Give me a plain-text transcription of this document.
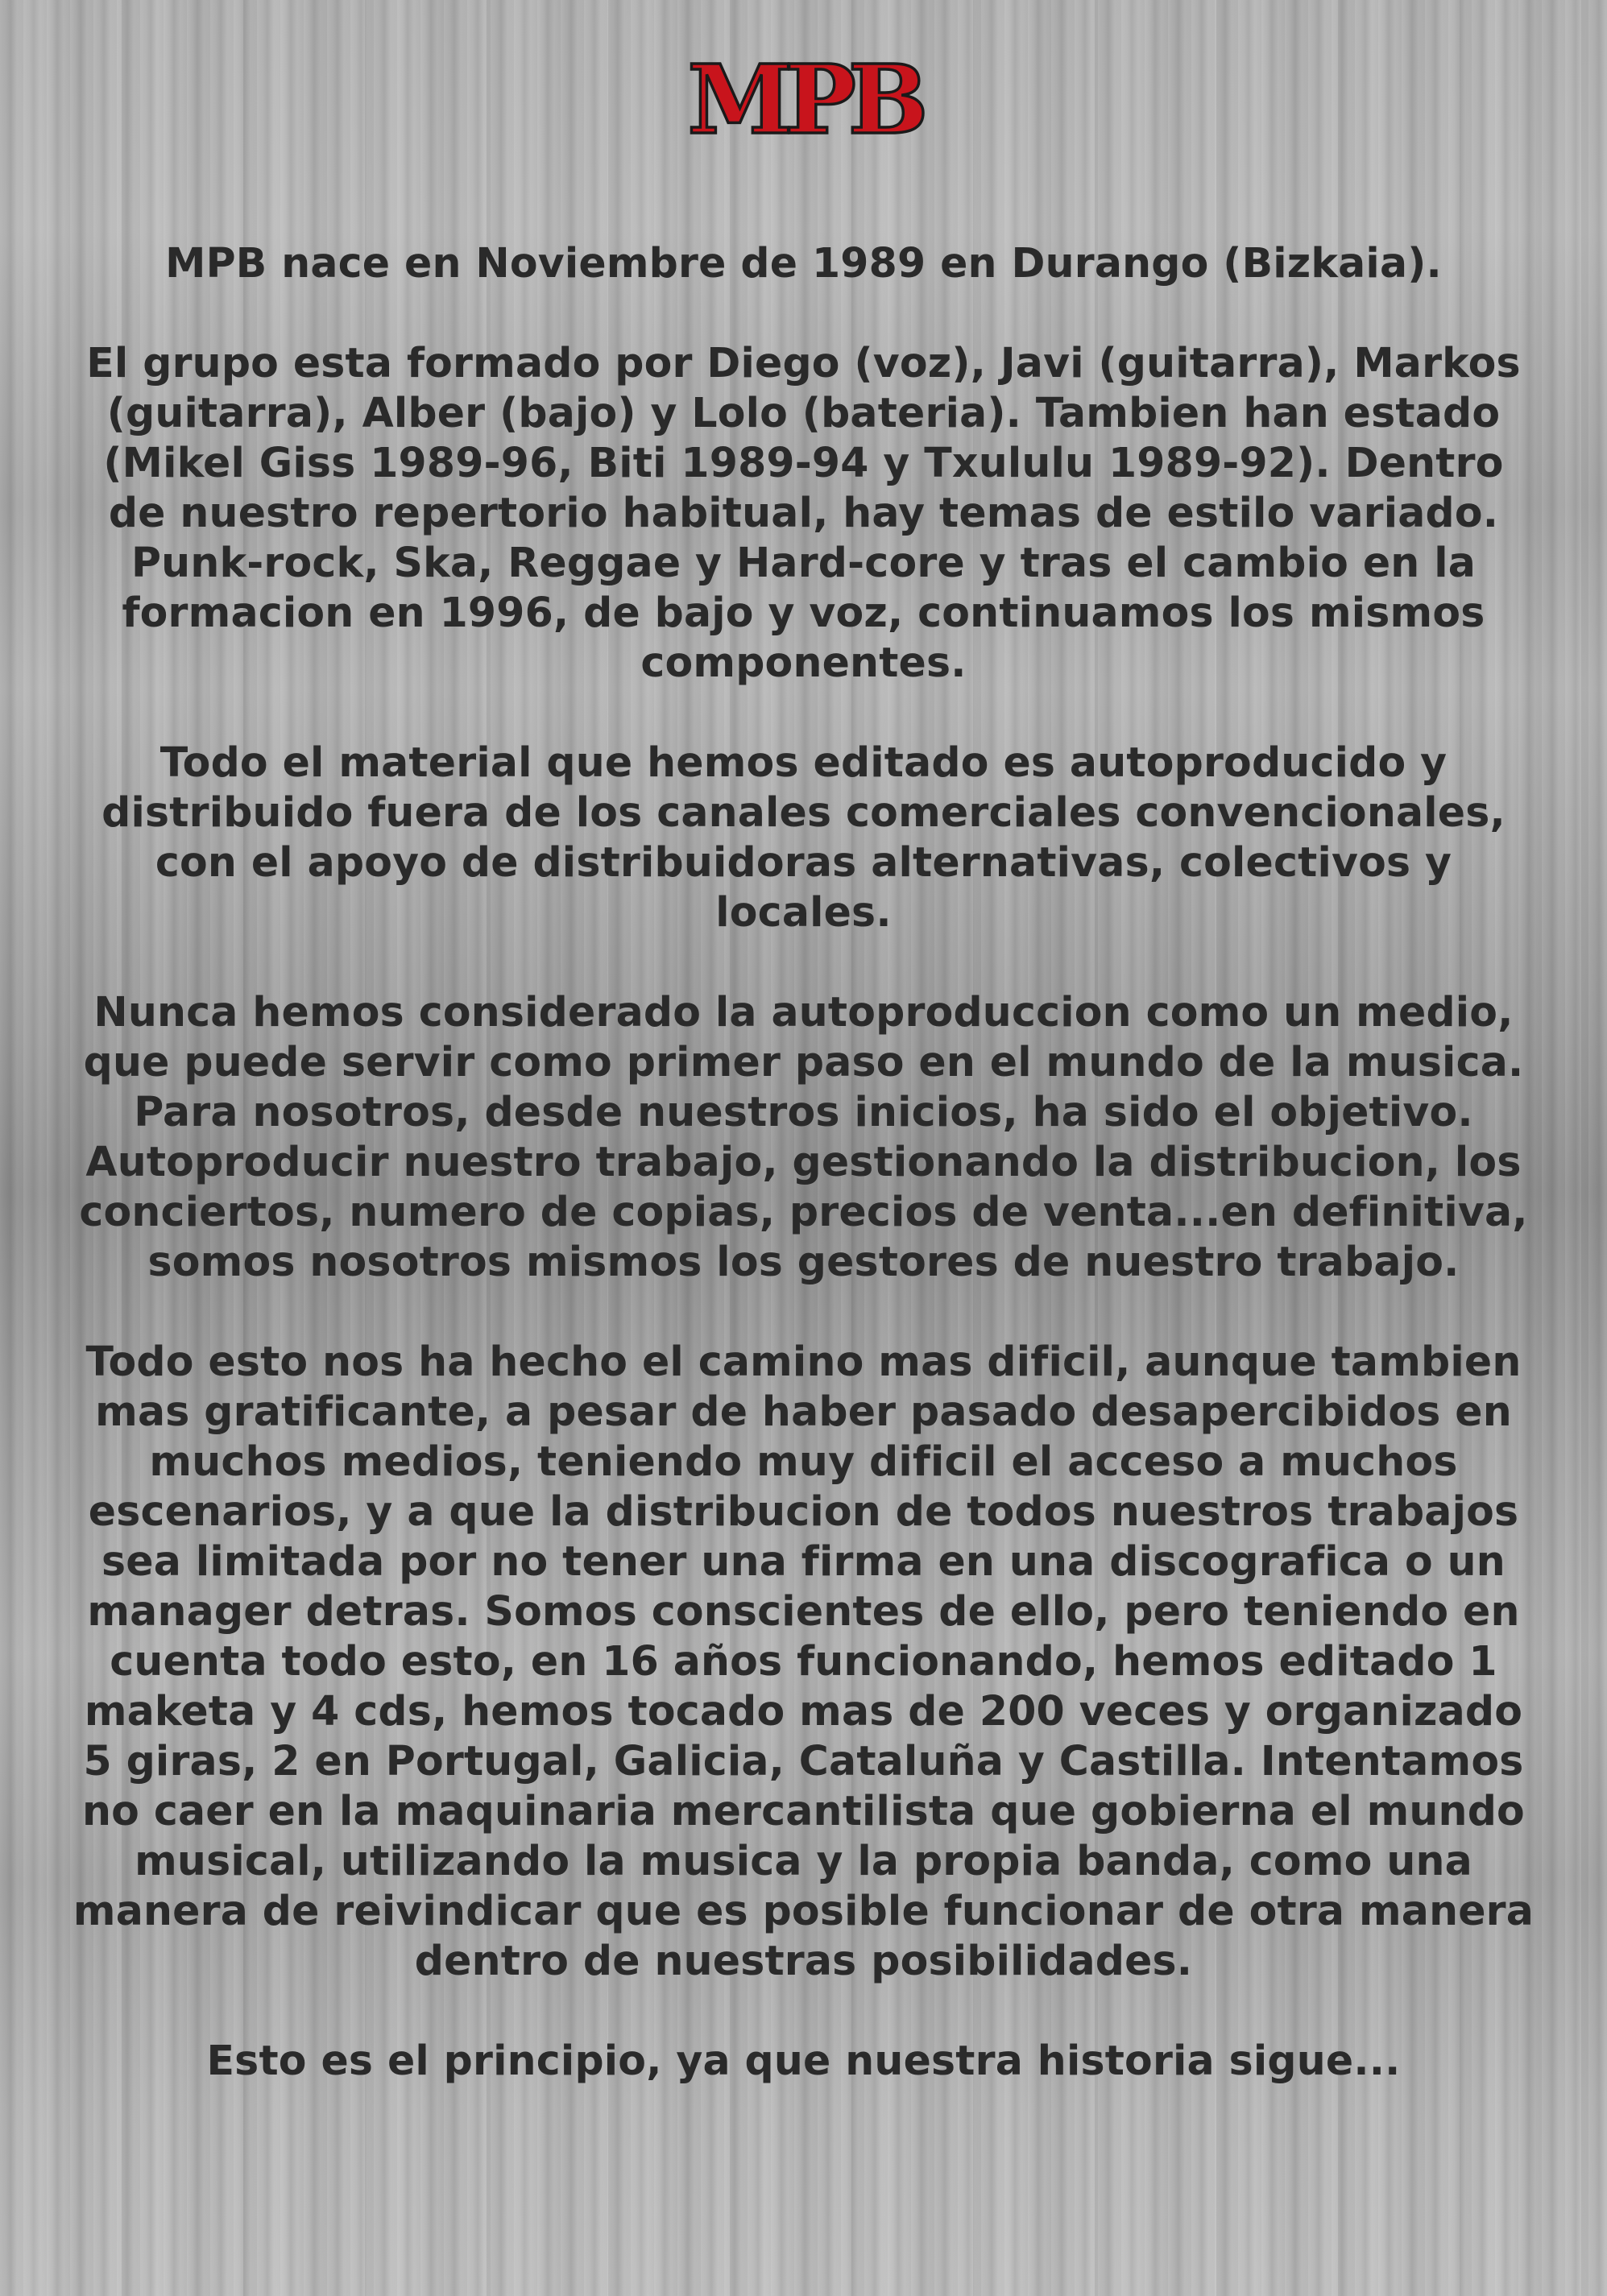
MPB

MPB nace en Noviembre de 1989 en Durango (Bizkaia).

El grupo esta formado por Diego (voz), Javi (guitarra), Markos (guitarra), Alber (bajo) y Lolo (bateria). Tambien han estado (Mikel Giss 1989-96, Biti 1989-94 y Txululu 1989-92). Dentro de nuestro repertorio habitual, hay temas de estilo variado. Punk-rock, Ska, Reggae y Hard-core y tras el cambio en la formacion en 1996, de bajo y voz, continuamos los mismos componentes.

Todo el material que hemos editado es autoproducido y distribuido fuera de los canales comerciales convencionales, con el apoyo de distribuidoras alternativas, colectivos y locales.

Nunca hemos considerado la autoproduccion como un medio, que puede servir como primer paso en el mundo de la musica. Para nosotros, desde nuestros inicios, ha sido el objetivo. Autoproducir nuestro trabajo, gestionando la distribucion, los conciertos, numero de copias, precios de venta...en definitiva, somos nosotros mismos los gestores de nuestro trabajo.

Todo esto nos ha hecho el camino mas dificil, aunque tambien mas gratificante, a pesar de haber pasado desapercibidos en muchos medios, teniendo muy dificil el acceso a muchos escenarios, y a que la distribucion de todos nuestros trabajos sea limitada por no tener una firma en una discografica o un manager detras. Somos conscientes de ello, pero teniendo en cuenta todo esto, en 16 años funcionando, hemos editado 1 maketa y 4 cds, hemos tocado mas de 200 veces y organizado 5 giras, 2 en Portugal, Galicia, Cataluña y Castilla. Intentamos no caer en la maquinaria mercantilista que gobierna el mundo musical, utilizando la musica y la propia banda, como una manera de reivindicar que es posible funcionar de otra manera dentro de nuestras posibilidades.

Esto es el principio, ya que nuestra historia sigue...
